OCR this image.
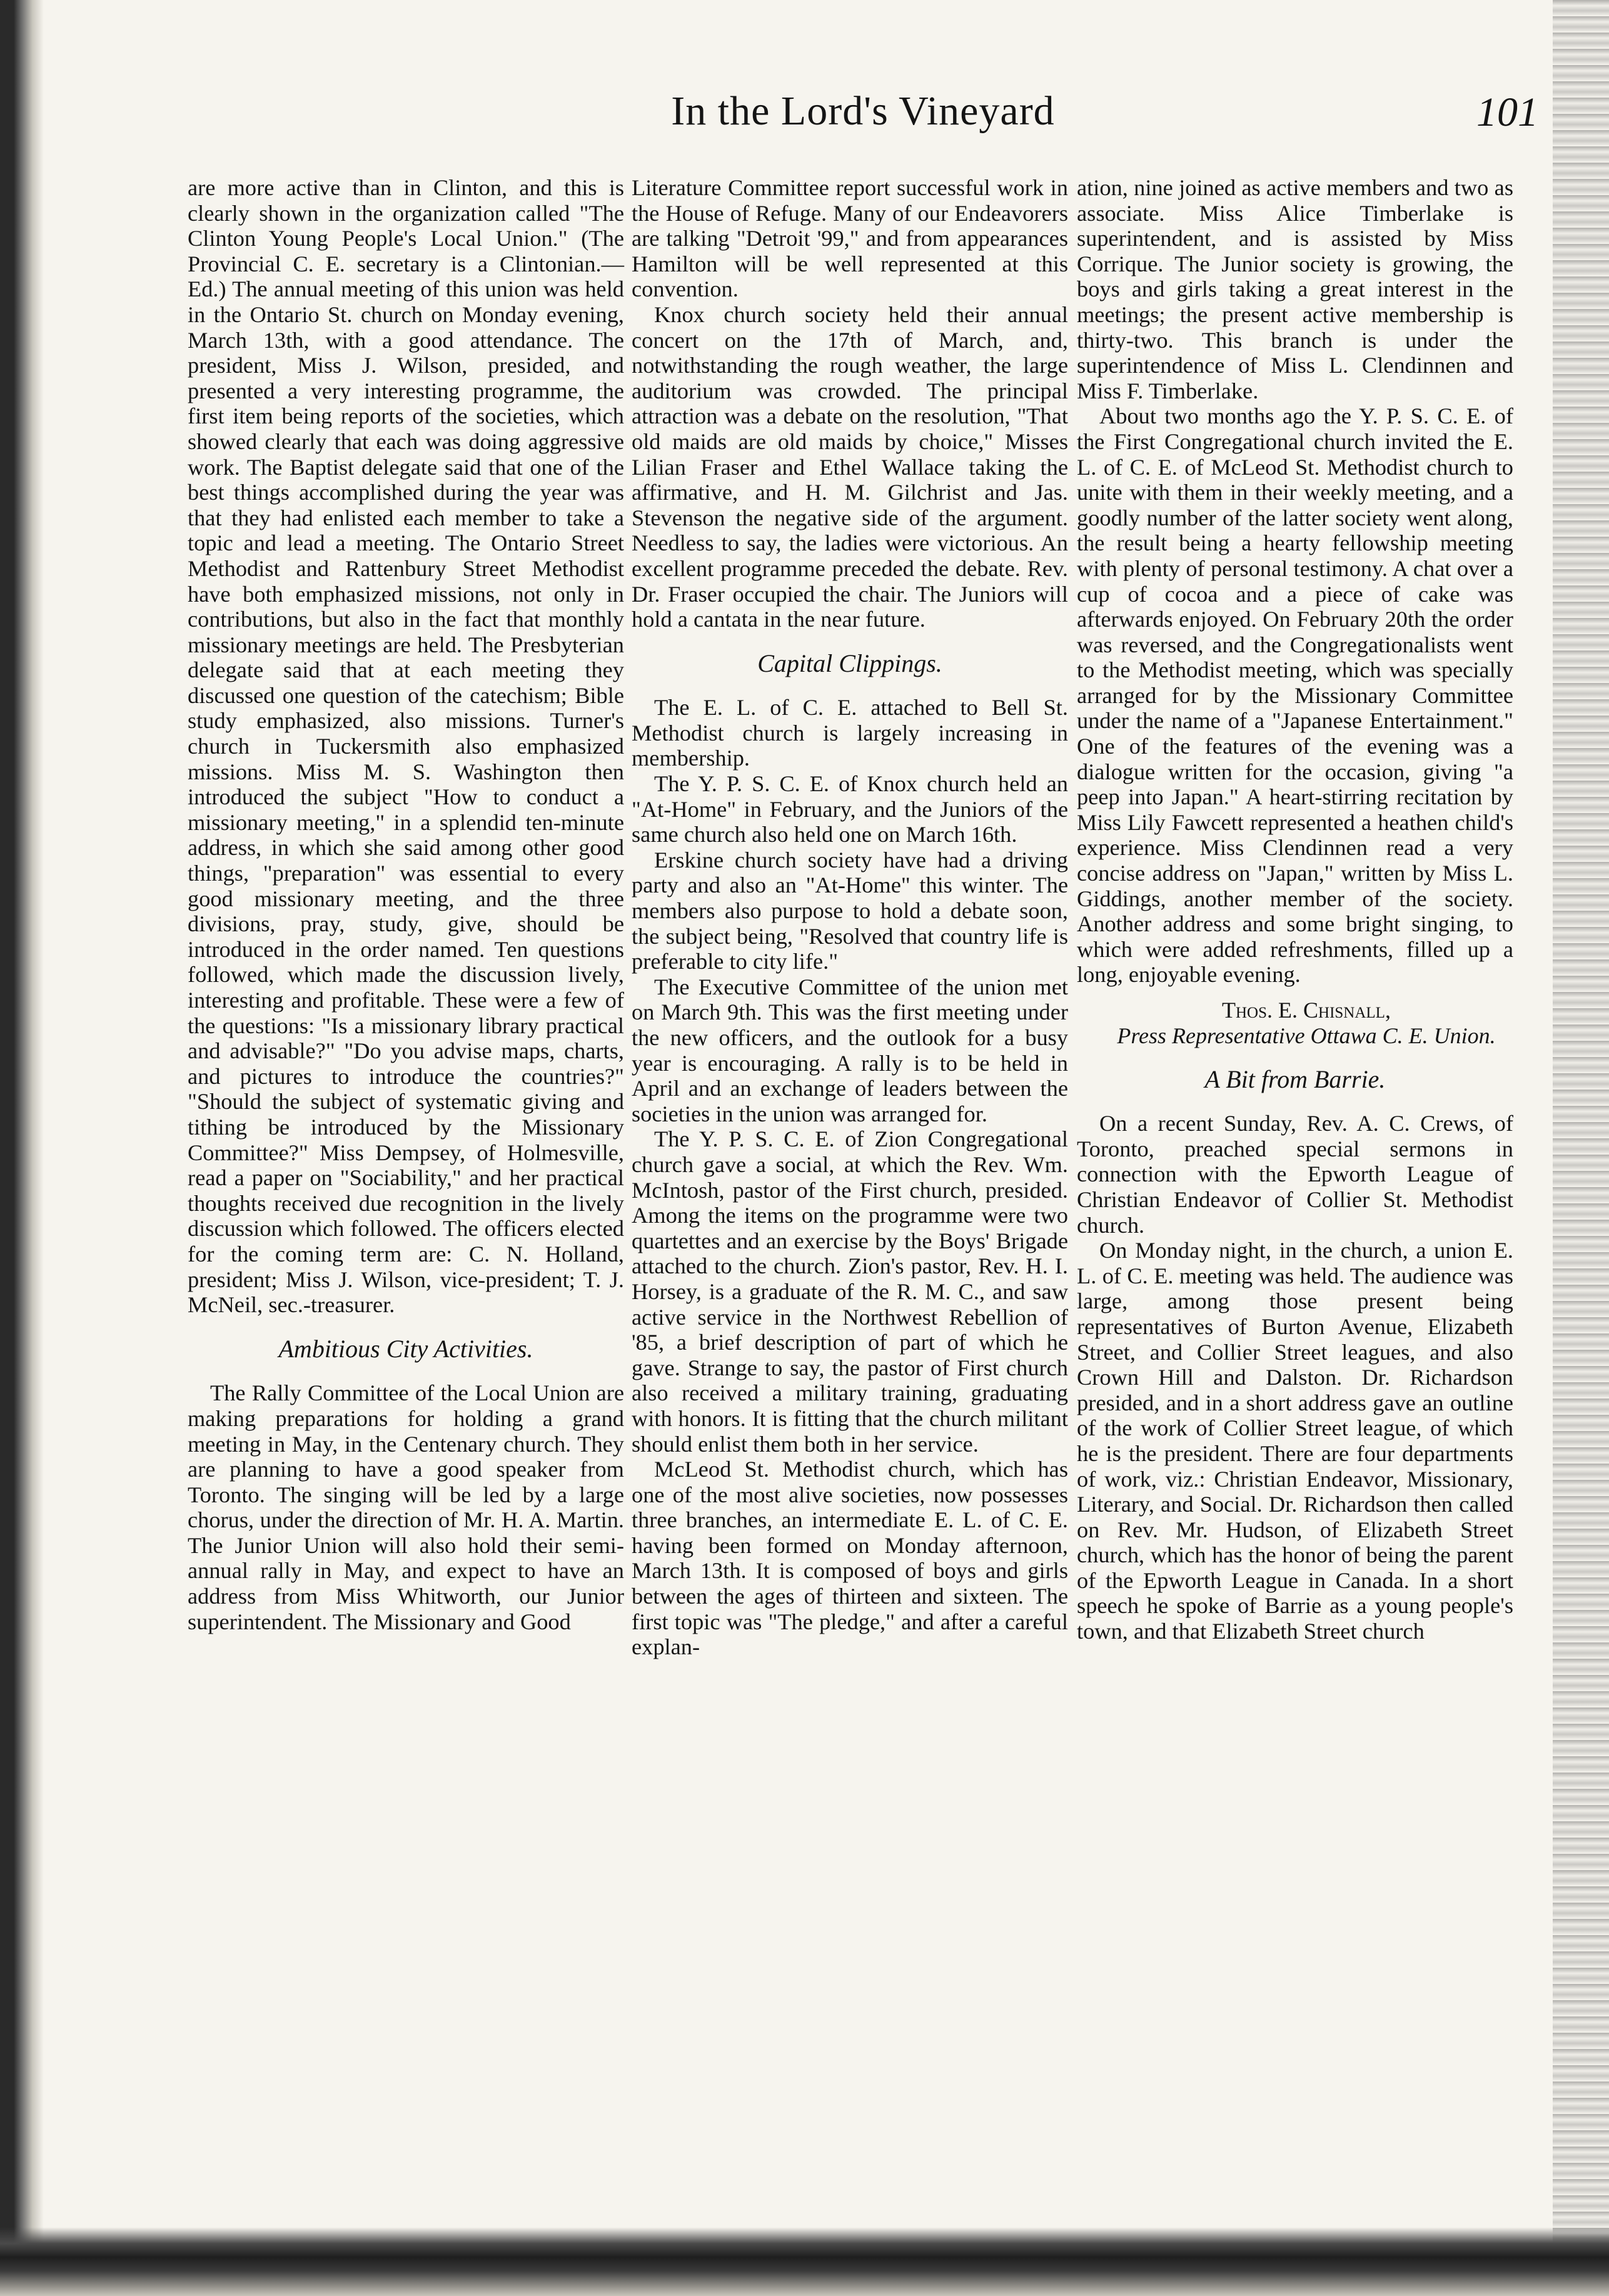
In the Lord's Vineyard	101

are more active than in Clinton, and this is clearly shown in the organization called "The Clinton Young People's Local Union." (The Provincial C. E. secretary is a Clintonian.—Ed.) The annual meeting of this union was held in the Ontario St. church on Monday evening, March 13th, with a good attendance. The president, Miss J. Wilson, presided, and presented a very interesting programme, the first item being reports of the societies, which showed clearly that each was doing aggressive work. The Baptist delegate said that one of the best things accomplished during the year was that they had enlisted each member to take a topic and lead a meeting. The Ontario Street Methodist and Rattenbury Street Methodist have both emphasized missions, not only in contributions, but also in the fact that monthly missionary meetings are held. The Presbyterian delegate said that at each meeting they discussed one question of the catechism; Bible study emphasized, also missions. Turner's church in Tuckersmith also emphasized missions. Miss M. S. Washington then introduced the subject "How to conduct a missionary meeting," in a splendid ten-minute address, in which she said among other good things, "preparation" was essential to every good missionary meeting, and the three divisions, pray, study, give, should be introduced in the order named. Ten questions followed, which made the discussion lively, interesting and profitable. These were a few of the questions: "Is a missionary library practical and advisable?" "Do you advise maps, charts, and pictures to introduce the countries?" "Should the subject of systematic giving and tithing be introduced by the Missionary Committee?" Miss Dempsey, of Holmesville, read a paper on "Sociability," and her practical thoughts received due recognition in the lively discussion which followed. The officers elected for the coming term are: C. N. Holland, president; Miss J. Wilson, vice-president; T. J. McNeil, sec.-treasurer.

Ambitious City Activities.

The Rally Committee of the Local Union are making preparations for holding a grand meeting in May, in the Centenary church. They are planning to have a good speaker from Toronto. The singing will be led by a large chorus, under the direction of Mr. H. A. Martin. The Junior Union will also hold their semi-annual rally in May, and expect to have an address from Miss Whitworth, our Junior superintendent. The Missionary and Good

Literature Committee report successful work in the House of Refuge. Many of our Endeavorers are talking "Detroit '99," and from appearances Hamilton will be well represented at this convention.

Knox church society held their annual concert on the 17th of March, and, notwithstanding the rough weather, the large auditorium was crowded. The principal attraction was a debate on the resolution, "That old maids are old maids by choice," Misses Lilian Fraser and Ethel Wallace taking the affirmative, and H. M. Gilchrist and Jas. Stevenson the negative side of the argument. Needless to say, the ladies were victorious. An excellent programme preceded the debate. Rev. Dr. Fraser occupied the chair. The Juniors will hold a cantata in the near future.

Capital Clippings.

The E. L. of C. E. attached to Bell St. Methodist church is largely increasing in membership.

The Y. P. S. C. E. of Knox church held an "At-Home" in February, and the Juniors of the same church also held one on March 16th.

Erskine church society have had a driving party and also an "At-Home" this winter. The members also purpose to hold a debate soon, the subject being, "Resolved that country life is preferable to city life."

The Executive Committee of the union met on March 9th. This was the first meeting under the new officers, and the outlook for a busy year is encouraging. A rally is to be held in April and an exchange of leaders between the societies in the union was arranged for.

The Y. P. S. C. E. of Zion Congregational church gave a social, at which the Rev. Wm. McIntosh, pastor of the First church, presided. Among the items on the programme were two quartettes and an exercise by the Boys' Brigade attached to the church. Zion's pastor, Rev. H. I. Horsey, is a graduate of the R. M. C., and saw active service in the Northwest Rebellion of '85, a brief description of part of which he gave. Strange to say, the pastor of First church also received a military training, graduating with honors. It is fitting that the church militant should enlist them both in her service.

McLeod St. Methodist church, which has one of the most alive societies, now possesses three branches, an intermediate E. L. of C. E. having been formed on Monday afternoon, March 13th. It is composed of boys and girls between the ages of thirteen and sixteen. The first topic was "The pledge," and after a careful explan-

ation, nine joined as active members and two as associate. Miss Alice Timberlake is superintendent, and is assisted by Miss Corrique. The Junior society is growing, the boys and girls taking a great interest in the meetings; the present active membership is thirty-two. This branch is under the superintendence of Miss L. Clendinnen and Miss F. Timberlake.

About two months ago the Y. P. S. C. E. of the First Congregational church invited the E. L. of C. E. of McLeod St. Methodist church to unite with them in their weekly meeting, and a goodly number of the latter society went along, the result being a hearty fellowship meeting with plenty of personal testimony. A chat over a cup of cocoa and a piece of cake was afterwards enjoyed. On February 20th the order was reversed, and the Congregationalists went to the Methodist meeting, which was specially arranged for by the Missionary Committee under the name of a "Japanese Entertainment." One of the features of the evening was a dialogue written for the occasion, giving "a peep into Japan." A heart-stirring recitation by Miss Lily Fawcett represented a heathen child's experience. Miss Clendinnen read a very concise address on "Japan," written by Miss L. Giddings, another member of the society. Another address and some bright singing, to which were added refreshments, filled up a long, enjoyable evening.

Thos. E. Chisnall,

Press Representative Ottawa C. E. Union.

A Bit from Barrie.

On a recent Sunday, Rev. A. C. Crews, of Toronto, preached special sermons in connection with the Epworth League of Christian Endeavor of Collier St. Methodist church.

On Monday night, in the church, a union E. L. of C. E. meeting was held. The audience was large, among those present being representatives of Burton Avenue, Elizabeth Street, and Collier Street leagues, and also Crown Hill and Dalston. Dr. Richardson presided, and in a short address gave an outline of the work of Collier Street league, of which he is the president. There are four departments of work, viz.: Christian Endeavor, Missionary, Literary, and Social. Dr. Richardson then called on Rev. Mr. Hudson, of Elizabeth Street church, which has the honor of being the parent of the Epworth League in Canada. In a short speech he spoke of Barrie as a young people's town, and that Elizabeth Street church
